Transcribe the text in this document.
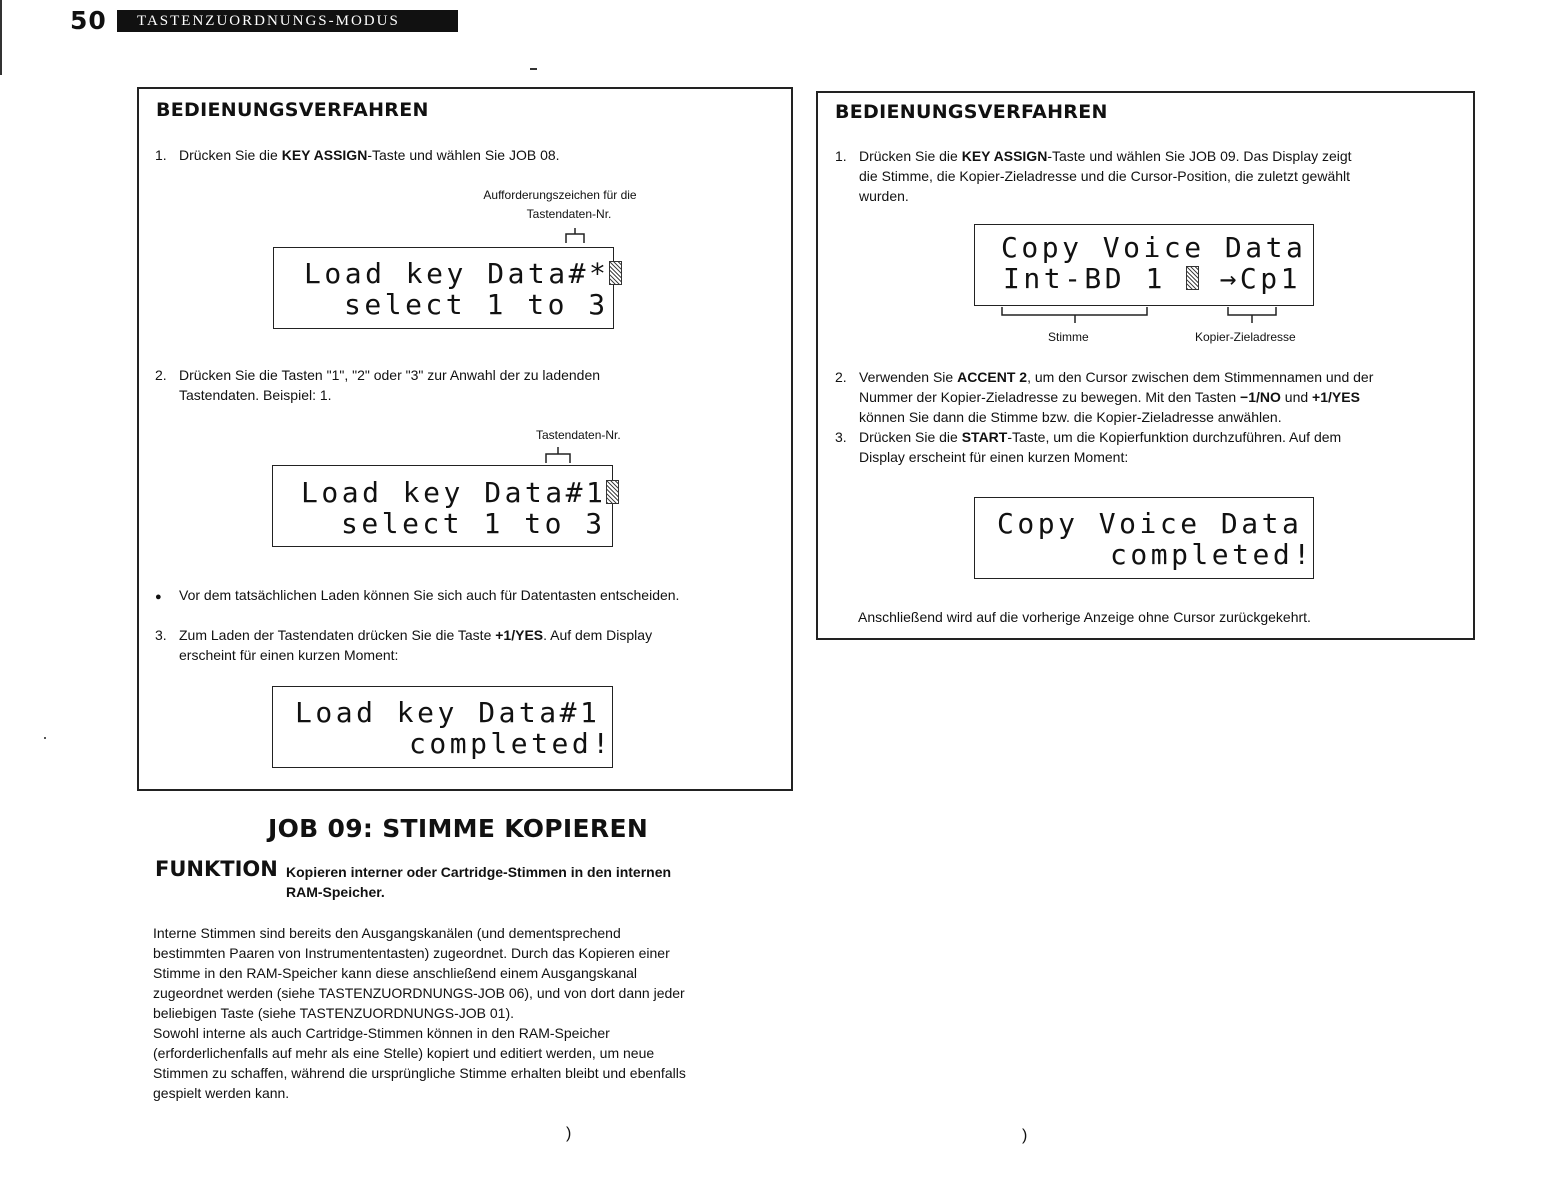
50	TASTENZUORDNUNGS-MODUS
BEDIENUNGSVERFAHREN
1. Drücken Sie die KEY ASSIGN-Taste und wählen Sie JOB 08.
Aufforderungszeichen für die
Tastendaten-Nr.

Load key Data#*

select 1 to 3

2. Drücken Sie die Tasten "1", "2" oder "3" zur Anwahl der zu ladenden
Tastendaten. Beispiel: 1.
Tastendaten-Nr.

Load key Data#1

select 1 to 3

● Vor dem tatsächlichen Laden können Sie sich auch für Datentasten entscheiden.
3. Zum Laden der Tastendaten drücken Sie die Taste +1/YES. Auf dem Display
erscheint für einen kurzen Moment:

Load key Data#1

completed!

JOB 09: STIMME KOPIEREN
FUNKTION Kopieren interner oder Cartridge-Stimmen in den internen
RAM-Speicher.
Interne Stimmen sind bereits den Ausgangskanälen (und dementsprechend
bestimmten Paaren von Instrumententasten) zugeordnet. Durch das Kopieren einer
Stimme in den RAM-Speicher kann diese anschließend einem Ausgangskanal
zugeordnet werden (siehe TASTENZUORDNUNGS-JOB 06), und von dort dann jeder
beliebigen Taste (siehe TASTENZUORDNUNGS-JOB 01).
Sowohl interne als auch Cartridge-Stimmen können in den RAM-Speicher
(erforderlichenfalls auf mehr als eine Stelle) kopiert und editiert werden, um neue
Stimmen zu schaffen, während die ursprüngliche Stimme erhalten bleibt und ebenfalls
gespielt werden kann.
BEDIENUNGSVERFAHREN
1. Drücken Sie die KEY ASSIGN-Taste und wählen Sie JOB 09. Das Display zeigt
die Stimme, die Kopier-Zieladresse und die Cursor-Position, die zuletzt gewählt
wurden.

Copy Voice Data

Int-BD 1 →Cp1

Stimme	Kopier-Zieladresse
2. Verwenden Sie ACCENT 2, um den Cursor zwischen dem Stimmennamen und der
Nummer der Kopier-Zieladresse zu bewegen. Mit den Tasten −1/NO und +1/YES
können Sie dann die Stimme bzw. die Kopier-Zieladresse anwählen.
3. Drücken Sie die START-Taste, um die Kopierfunktion durchzuführen. Auf dem
Display erscheint für einen kurzen Moment:

Copy Voice Data

completed!

Anschließend wird auf die vorherige Anzeige ohne Cursor zurückgekehrt.
)	)
